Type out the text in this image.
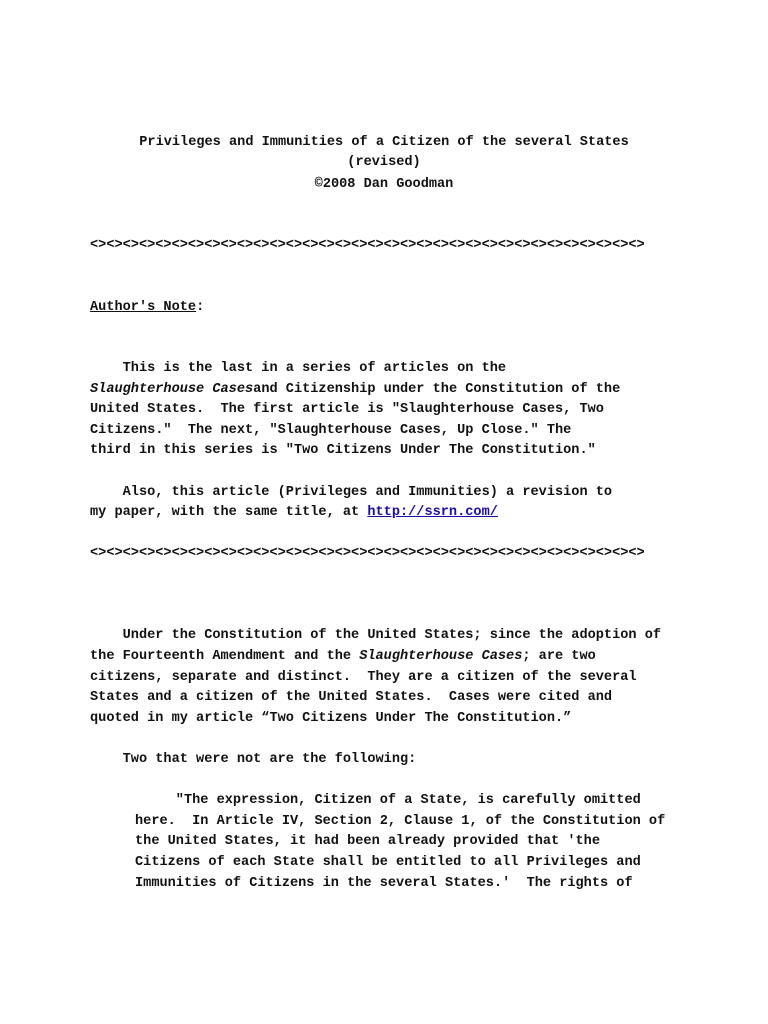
Privileges and Immunities of a Citizen of the several States
(revised)
©2008 Dan Goodman
<><><><><><><><><><><><><><><><><><><><><><><><><><><><><><><><><><>
Author's Note:
This is the last in a series of articles on the
Slaughterhouse Casesand Citizenship under the Constitution of the
United States.  The first article is "Slaughterhouse Cases, Two
Citizens."  The next, "Slaughterhouse Cases, Up Close." The
third in this series is "Two Citizens Under The Constitution."
Also, this article (Privileges and Immunities) a revision to
my paper, with the same title, at http://ssrn.com/
<><><><><><><><><><><><><><><><><><><><><><><><><><><><><><><><><><>
Under the Constitution of the United States; since the adoption of
the Fourteenth Amendment and the Slaughterhouse Cases; are two
citizens, separate and distinct.  They are a citizen of the several
States and a citizen of the United States.  Cases were cited and
quoted in my article “Two Citizens Under The Constitution.”
Two that were not are the following:
"The expression, Citizen of a State, is carefully omitted
here.  In Article IV, Section 2, Clause 1, of the Constitution of
the United States, it had been already provided that 'the
Citizens of each State shall be entitled to all Privileges and
Immunities of Citizens in the several States.'  The rights of
